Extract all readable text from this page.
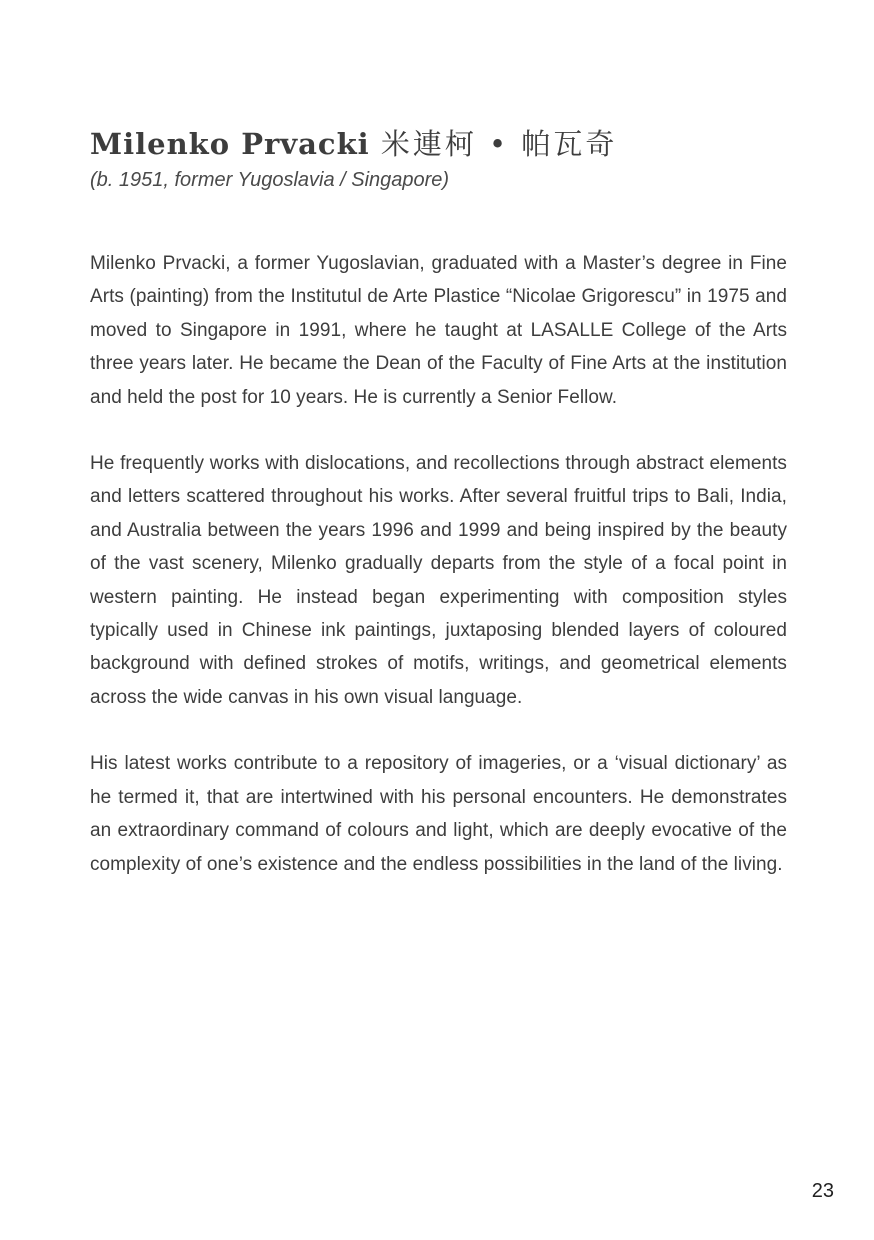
Milenko Prvacki 米連柯 • 帕瓦奇
(b. 1951, former Yugoslavia / Singapore)

Milenko Prvacki, a former Yugoslavian, graduated with a Master’s degree in Fine Arts (painting) from the Institutul de Arte Plastice “Nicolae Grigorescu” in 1975 and moved to Singapore in 1991, where he taught at LASALLE College of the Arts three years later. He became the Dean of the Faculty of Fine Arts at the institution and held the post for 10 years. He is currently a Senior Fellow.

He frequently works with dislocations, and recollections through abstract elements and letters scattered throughout his works. After several fruitful trips to Bali, India, and Australia between the years 1996 and 1999 and being inspired by the beauty of the vast scenery, Milenko gradually departs from the style of a focal point in western painting. He instead began experimenting with composition styles typically used in Chinese ink paintings, juxtaposing blended layers of coloured background with defined strokes of motifs, writings, and geometrical elements across the wide canvas in his own visual language.

His latest works contribute to a repository of imageries, or a ‘visual dictionary’ as he termed it, that are intertwined with his personal encounters. He demonstrates an extraordinary command of colours and light, which are deeply evocative of the complexity of one’s existence and the endless possibilities in the land of the living.

23
